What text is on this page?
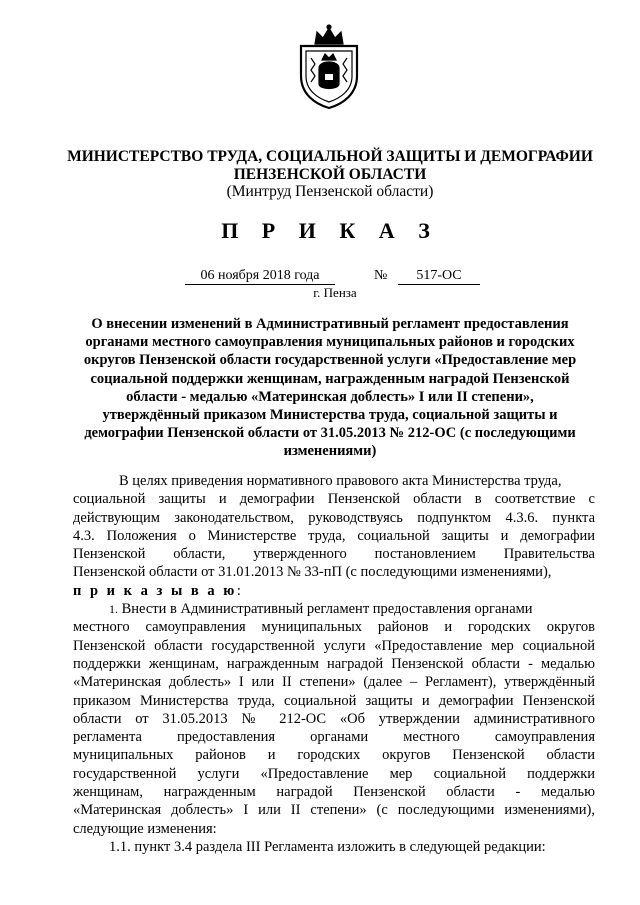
МИНИСТЕРСТВО ТРУДА, СОЦИАЛЬНОЙ ЗАЩИТЫ И ДЕМОГРАФИИ
ПЕНЗЕНСКОЙ ОБЛАСТИ
(Минтруд Пензенской области)
П Р И К А З
06 ноября 2018 года	№	517-ОС
г. Пенза
О внесении изменений в Административный регламент предоставления
органами местного самоуправления муниципальных районов и городских
округов Пензенской области государственной услуги «Предоставление мер
социальной поддержки женщинам, награжденным наградой Пензенской
области - медалью «Материнская доблесть» I или II степени»,
утверждённый приказом Министерства труда, социальной защиты и
демографии Пензенской области от 31.05.2013 № 212-ОС (с последующими
изменениями)
В целях приведения нормативного правового акта Министерства труда,
социальной защиты и демографии Пензенской области в соответствие с
действующим законодательством, руководствуясь подпунктом 4.3.6. пункта
4.3. Положения о Министерстве труда, социальной защиты и демографии
Пензенской области, утвержденного постановлением Правительства
Пензенской области от 31.01.2013 № 33-пП (с последующими изменениями),
п р и к а з ы в а ю:
1. Внести в Административный регламент предоставления органами
местного самоуправления муниципальных районов и городских округов
Пензенской области государственной услуги «Предоставление мер социальной
поддержки женщинам, награжденным наградой Пензенской области - медалью
«Материнская доблесть» I или II степени» (далее – Регламент), утверждённый
приказом Министерства труда, социальной защиты и демографии Пензенской
области от 31.05.2013 № 212-ОС «Об утверждении административного
регламента предоставления органами местного самоуправления
муниципальных районов и городских округов Пензенской области
государственной услуги «Предоставление мер социальной поддержки
женщинам, награжденным наградой Пензенской области - медалью
«Материнская доблесть» I или II степени» (с последующими изменениями),
следующие изменения:
1.1. пункт 3.4 раздела III Регламента изложить в следующей редакции:
